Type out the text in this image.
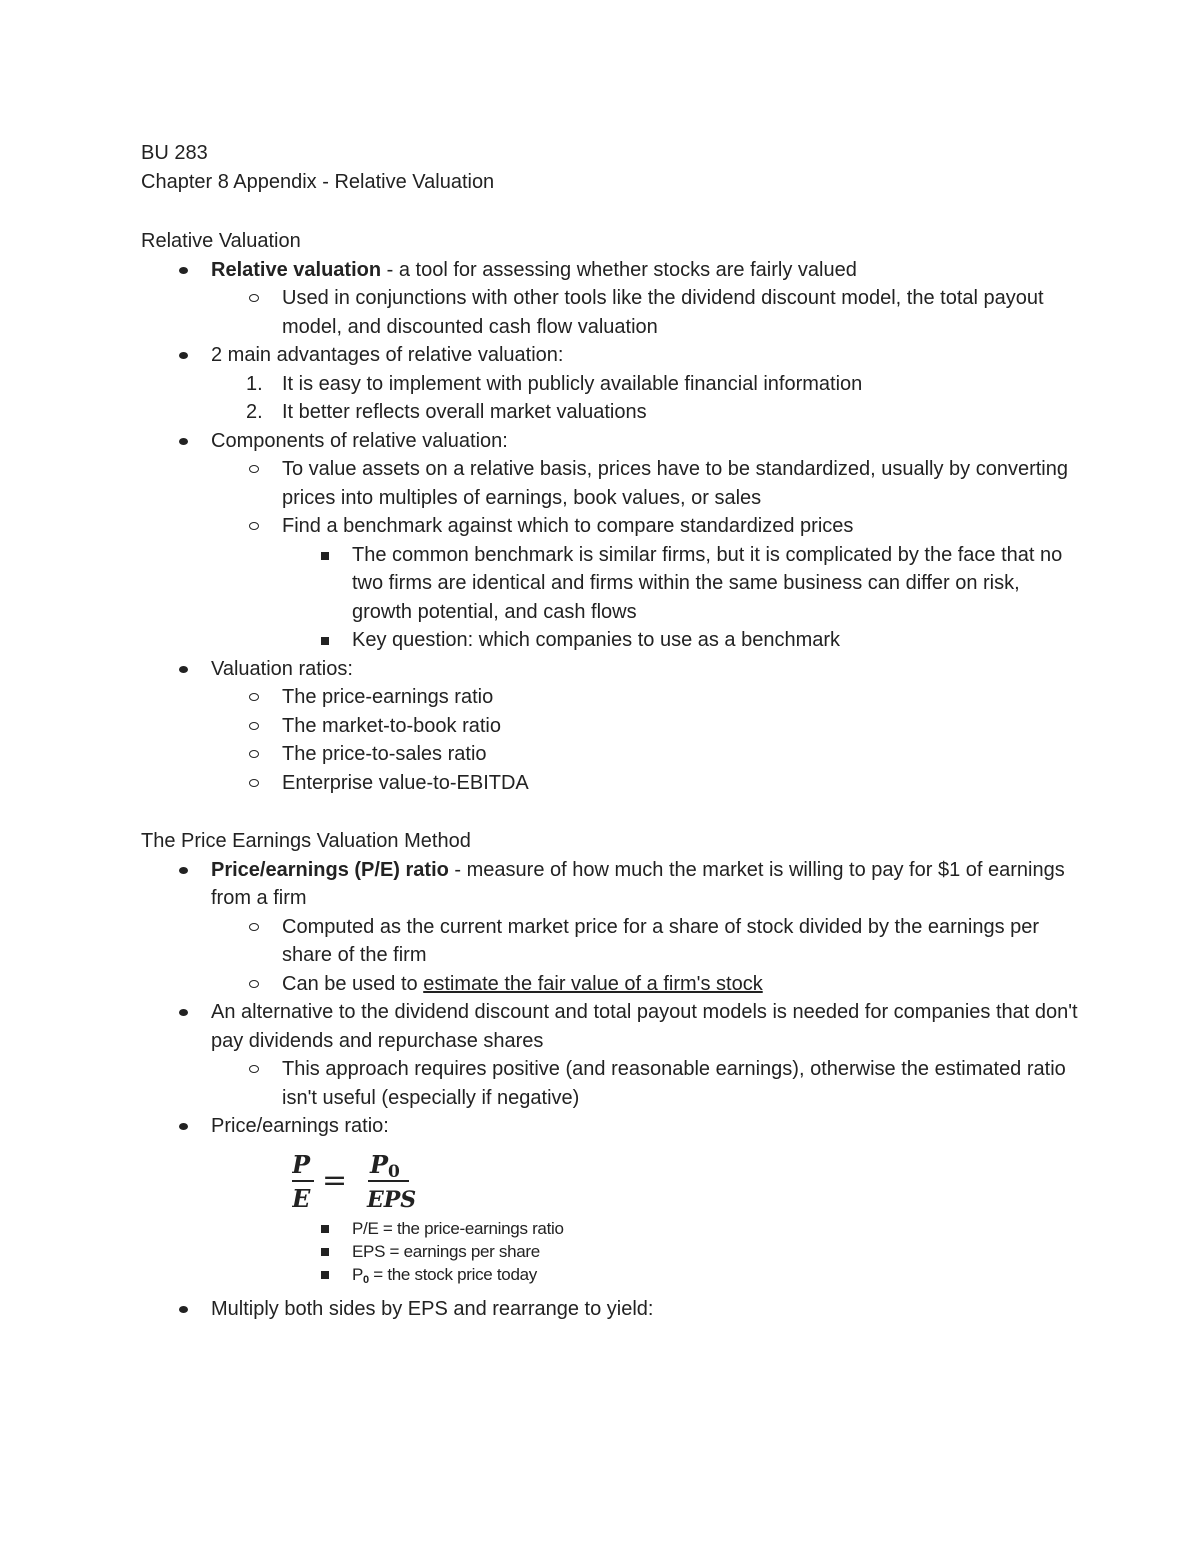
BU 283
Chapter 8 Appendix - Relative Valuation
Relative Valuation
Relative valuation - a tool for assessing whether stocks are fairly valued
Used in conjunctions with other tools like the dividend discount model, the total payout model, and discounted cash flow valuation
2 main advantages of relative valuation:
1. It is easy to implement with publicly available financial information
2. It better reflects overall market valuations
Components of relative valuation:
To value assets on a relative basis, prices have to be standardized, usually by converting prices into multiples of earnings, book values, or sales
Find a benchmark against which to compare standardized prices
The common benchmark is similar firms, but it is complicated by the face that no two firms are identical and firms within the same business can differ on risk, growth potential, and cash flows
Key question: which companies to use as a benchmark
Valuation ratios:
The price-earnings ratio
The market-to-book ratio
The price-to-sales ratio
Enterprise value-to-EBITDA
The Price Earnings Valuation Method
Price/earnings (P/E) ratio - measure of how much the market is willing to pay for $1 of earnings from a firm
Computed as the current market price for a share of stock divided by the earnings per share of the firm
Can be used to estimate the fair value of a firm's stock
An alternative to the dividend discount and total payout models is needed for companies that don't pay dividends and repurchase shares
This approach requires positive (and reasonable earnings), otherwise the estimated ratio isn't useful (especially if negative)
Price/earnings ratio:
P
E
= P0
EPS
P/E = the price-earnings ratio
EPS = earnings per share
$P_0$ = the stock price today
Multiply both sides by EPS and rearrange to yield:
